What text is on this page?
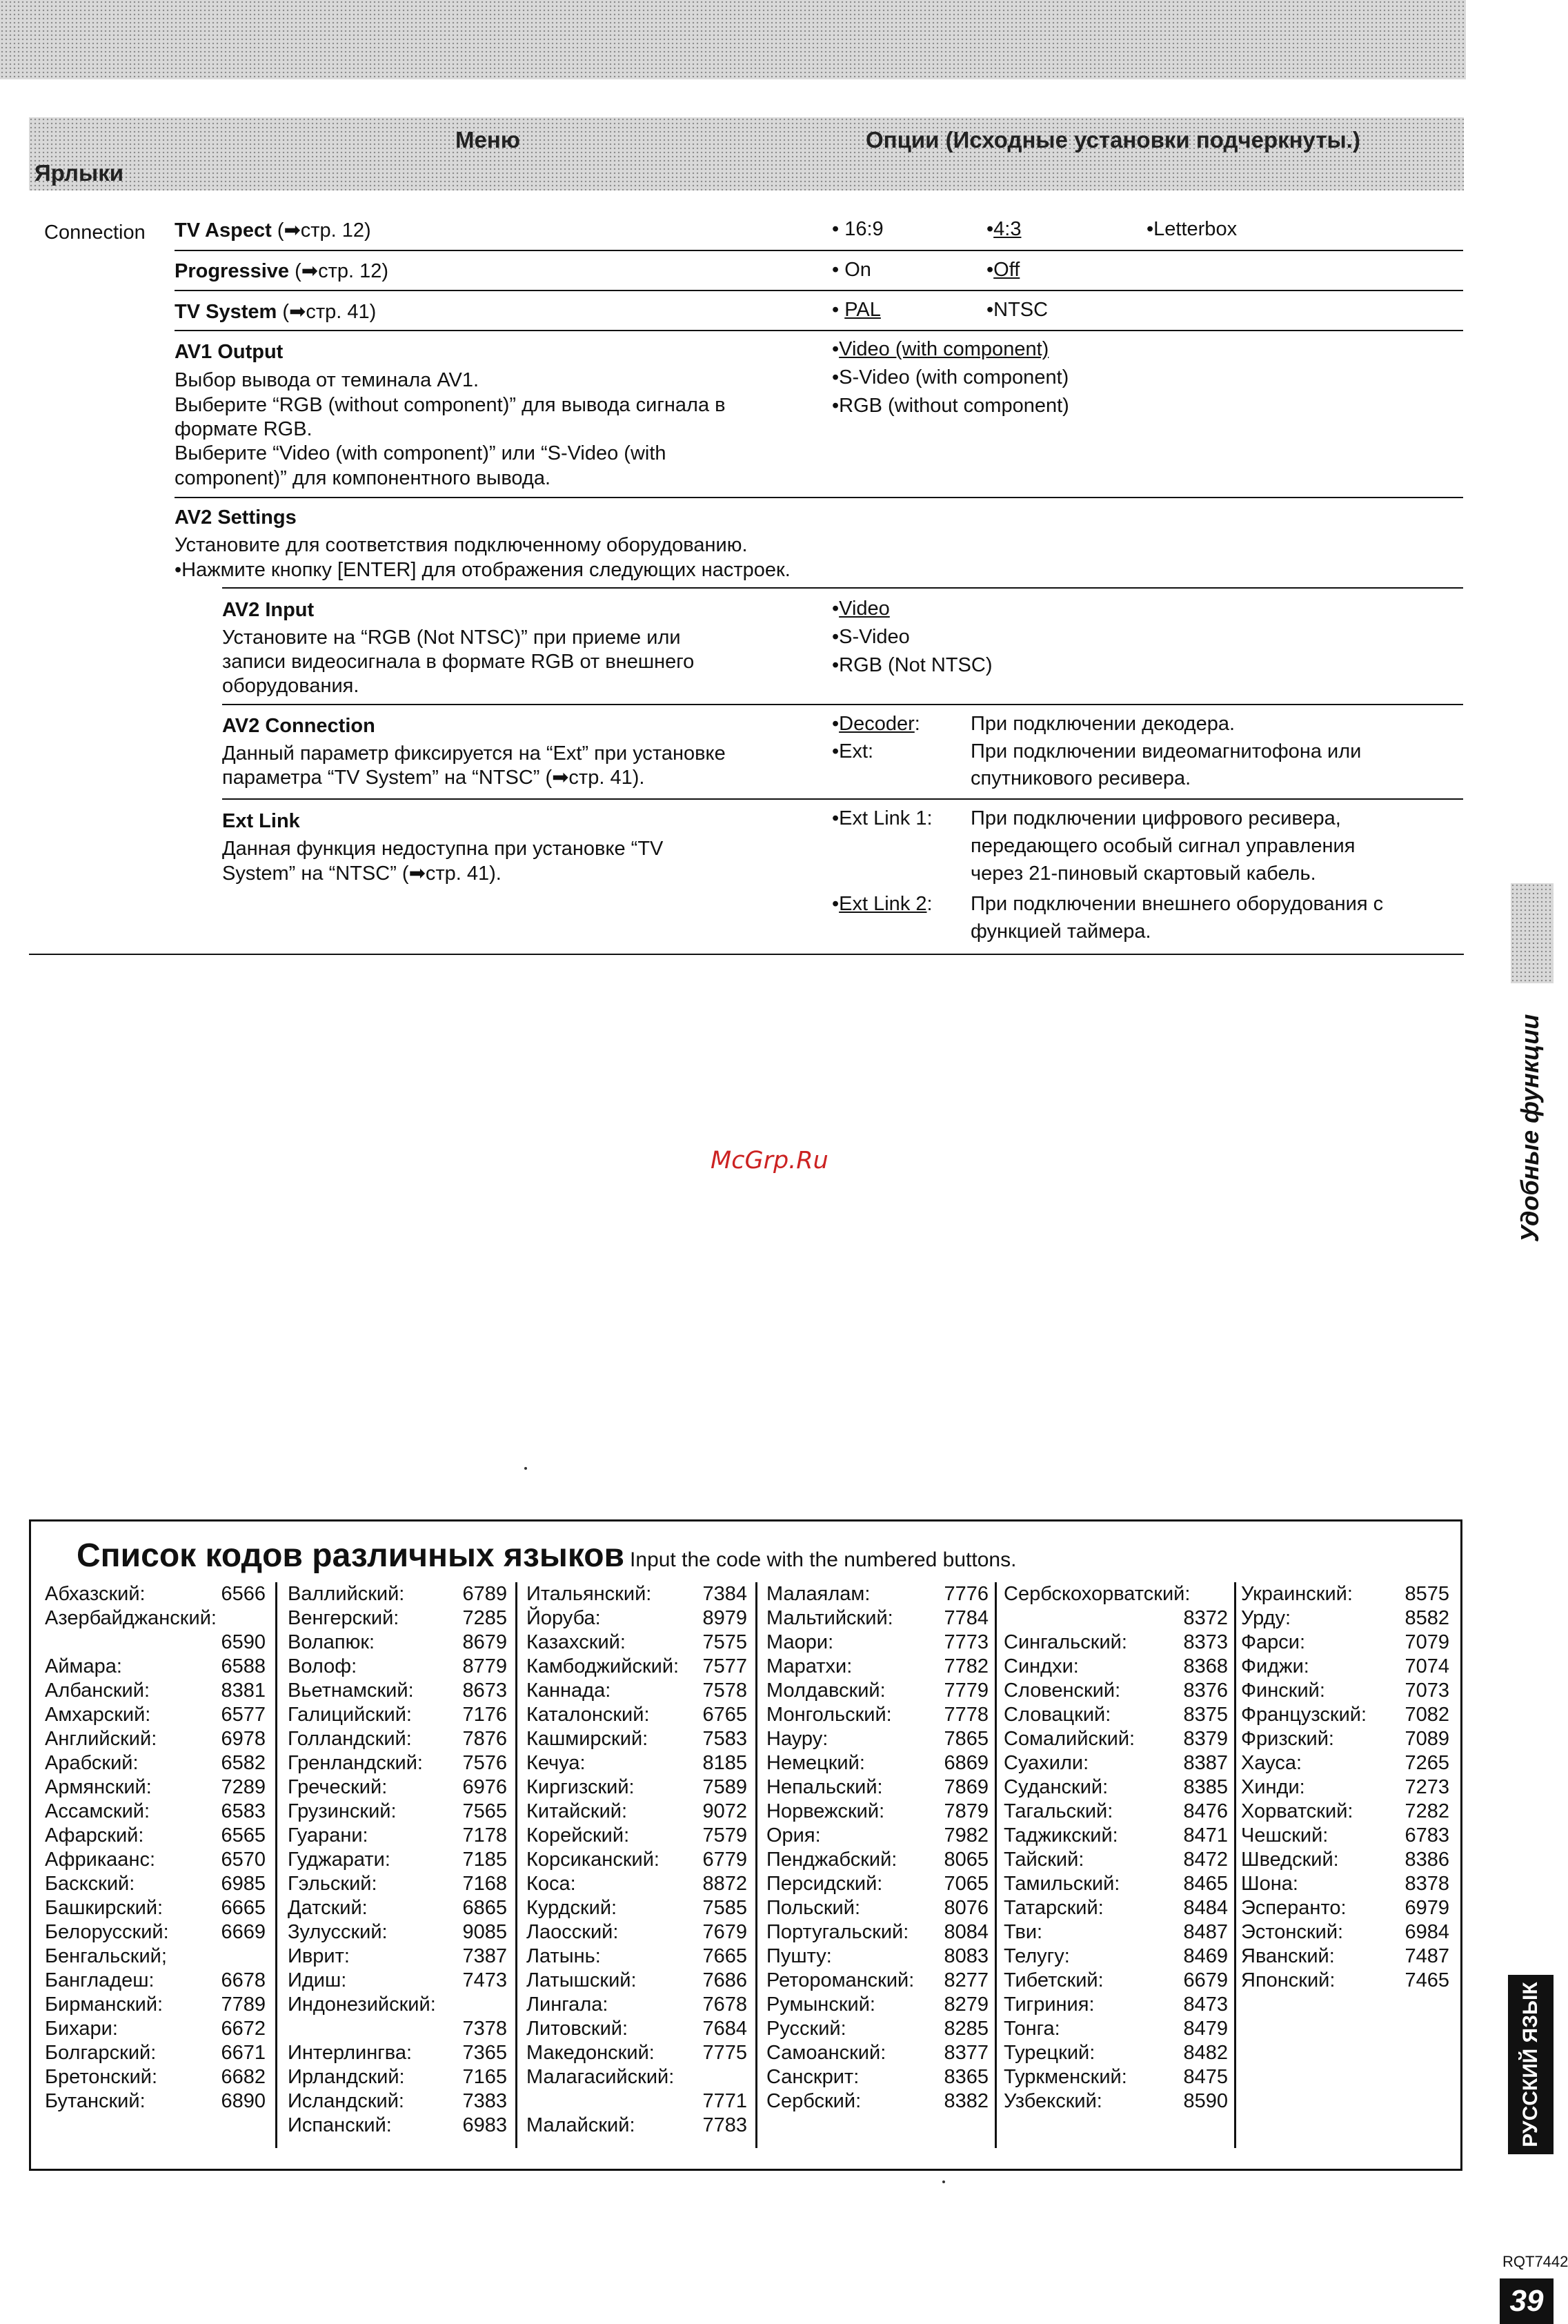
Меню	Опции (Исходные установки подчеркнуты.)
Ярлыки
Connection TV Aspect (➡стр. 12)	• 16:9	•4:3	•Letterbox
Progressive (➡стр. 12)	• On	•Off
TV System (➡стр. 41)	• PAL	•NTSC
AV1 Output
Выбор вывода от теминала AV1.
Выберите “RGB (without component)” для вывода сигнала в
формате RGB.
Выберите “Video (with component)” или “S-Video (with
component)” для компонентного вывода.
•Video (with component)
•S-Video (with component)
•RGB (without component)
AV2 Settings
Установите для соответствия подключенному оборудованию.
•Нажмите кнопку [ENTER] для отображения следующих настроек.
AV2 Input
Установите на “RGB (Not NTSC)” при приеме или
записи видеосигнала в формате RGB от внешнего
оборудования.
•Video
•S-Video
•RGB (Not NTSC)
AV2 Connection
Данный параметр фиксируется на “Ext” при установке
параметра “TV System” на “NTSC” (➡стр. 41).
•Decoder:	При подключении декодера.
•Ext:	При подключении видеомагнитофона или
спутникового ресивера.
Ext Link
Данная функция недоступна при установке “TV
System” на “NTSC” (➡стр. 41).
•Ext Link 1: При подключении цифрового ресивера,
передающего особый сигнал управления
через 21-пиновый скартовый кабель.
•Ext Link 2: При подключении внешнего оборудования с
функцией таймера.
McGrp.Ru	Удобные функции
Список кодов различных языков Input the code with the numbered buttons.
Абхазский:	6566
Азербайджанский:
6590
Аймара:	6588
Албанский:	8381
Амхарский:	6577
Английский:	6978
Арабский:	6582
Армянский:	7289
Ассамский:	6583
Афарский:	6565
Африкаанс:	6570
Баскский:	6985
Башкирский:	6665
Белорусский:	6669
Бенгальский;
Бангладеш:	6678
Бирманский:	7789
Бихари:	6672
Болгарский:	6671
Бретонский:	6682
Бутанский:	6890
Валлийский:	6789
Венгерский:	7285
Волапюк:	8679
Волоф:	8779
Вьетнамский: 8673
Галицийский:	7176
Голландский:	7876
Гренландский: 7576
Греческий:	6976
Грузинский:	7565
Гуарани:	7178
Гуджарати:	7185
Гэльский:	7168
Датский:	6865
Зулусский:	9085
Иврит:	7387
Идиш:	7473
Индонезийский:
7378
Интерлингва:	7365
Ирландский:	7165
Исландский:	7383
Испанский:	6983
Итальянский:	7384
Йоруба:	8979
Казахский:	7575
Камбоджийский: 7577
Каннада:	7578
Каталонский:	6765
Кашмирский:	7583
Кечуа:	8185
Киргизский:	7589
Китайский:	9072
Корейский:	7579
Корсиканский: 6779
Коса:	8872
Курдский:	7585
Лаосский:	7679
Латынь:	7665
Латышский:	7686
Лингала:	7678
Литовский:	7684
Македонский: 7775
Малагасийский:
7771
Малайский:	7783
Малаялам:	7776
Мальтийский:	7784
Маори:	7773
Маратхи:	7782
Молдавский:	7779
Монгольский:	7778
Науру:	7865
Немецкий:	6869
Непальский:	7869
Норвежский:	7879
Ория:	7982
Пенджабский: 8065
Персидский:	7065
Польский:	8076
Португальский: 8084
Пушту:	8083
Ретороманский: 8277
Румынский:	8279
Русский:	8285
Самоанский:	8377
Санскрит:	8365
Сербский:	8382
Сербскохорватский:
8372
Сингальский:	8373
Синдхи:	8368
Словенский:	8376
Словацкий:	8375
Сомалийский: 8379
Суахили:	8387
Суданский:	8385
Тагальский:	8476
Таджикский:	8471
Тайский:	8472
Тамильский:	8465
Татарский:	8484
Тви:	8487
Телугу:	8469
Тибетский:	6679
Тигриния:	8473
Тонга:	8479
Турецкий:	8482
Туркменский:	8475
Узбекский:	8590
Украинский:	8575
Урду:	8582
Фарси:	7079
Фиджи:	7074
Финский:	7073
Французский: 7082
Фризский:	7089
Хауса:	7265
Хинди:	7273
Хорватский:	7282
Чешский:	6783
Шведский:	8386
Шона:	8378
Эсперанто:	6979
Эстонский:	6984
Яванский:	7487
Японский:	7465
РУССКИЙ ЯЗЫК
RQT7442
39
